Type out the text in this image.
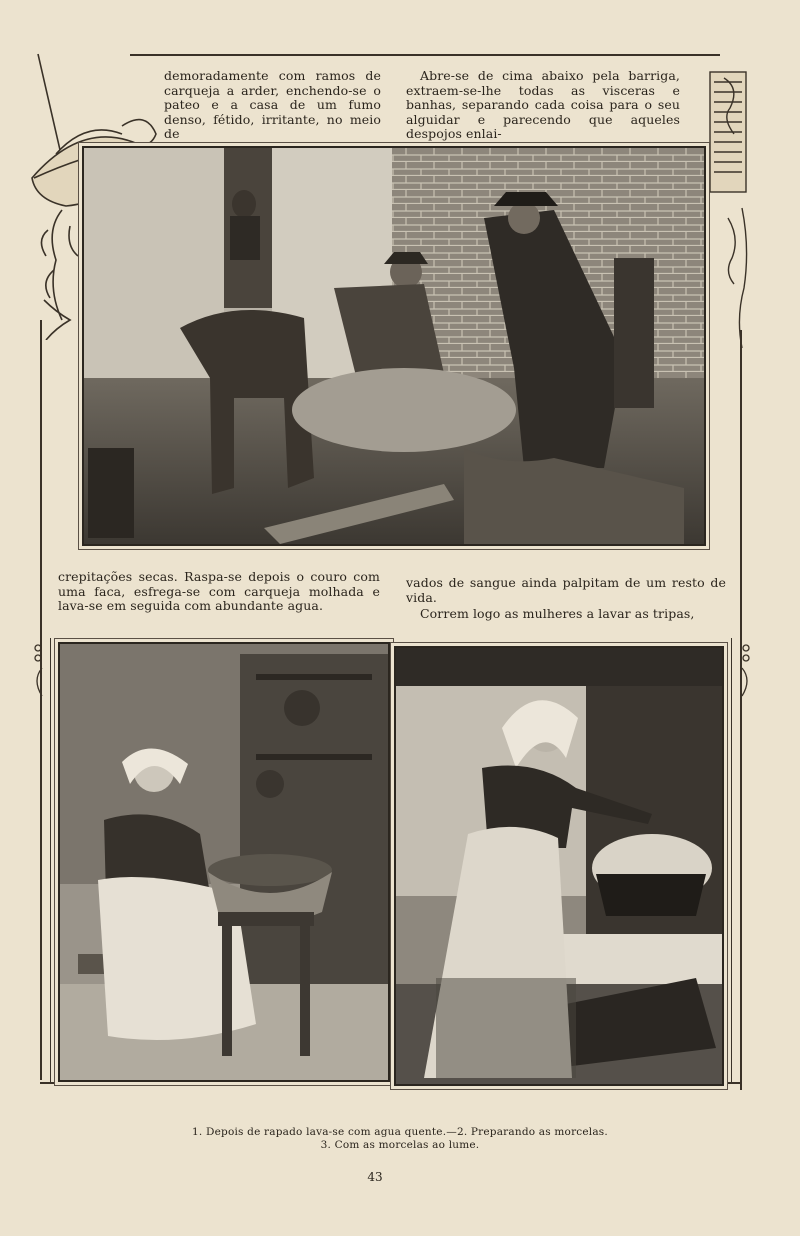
demoradamente com ramos de carqueja a arder, enchendo-se o pateo e a casa de um fumo denso, fétido, irritante, no meio de

Abre-se de cima abaixo pela barriga, extraem-se-lhe todas as visceras e banhas, separando cada coisa para o seu alguidar e parecendo que aqueles despojos enlai-

crepitações secas. Raspa-se depois o couro com uma faca, esfrega-se com carqueja molhada e lava-se em seguida com abundante agua.

vados de sangue ainda palpitam de um resto de vida.

Correm logo as mulheres a lavar as tripas,

1. Depois de rapado lava-se com agua quente.—2. Preparando as morcelas.
3. Com as morcelas ao lume.
43
